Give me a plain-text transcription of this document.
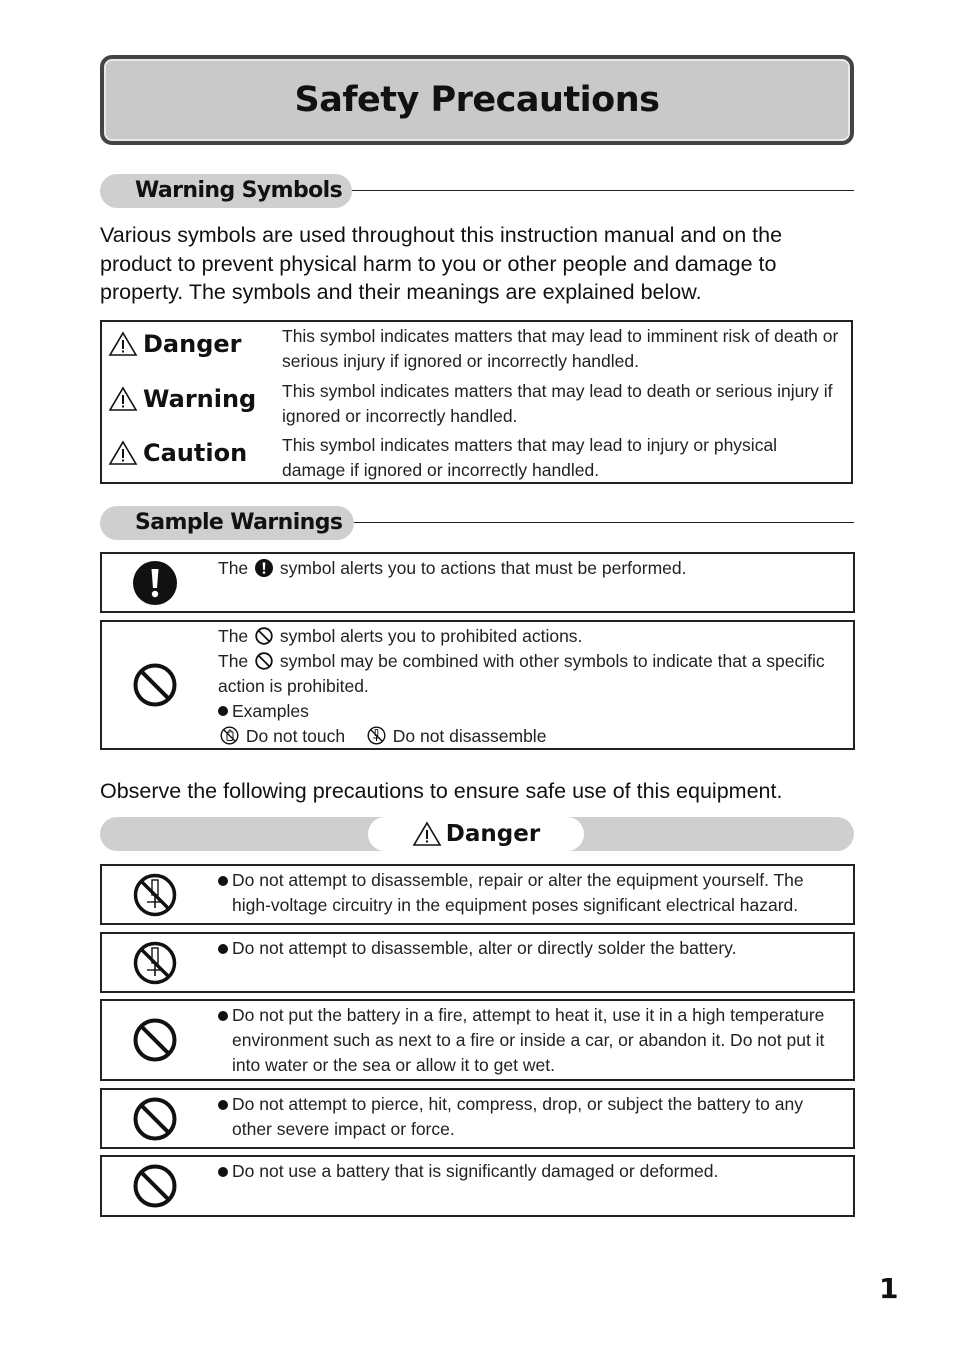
Safety Precautions
Warning Symbols

Various symbols are used throughout this instruction manual and on the product to prevent physical harm to you or other people and damage to property. The symbols and their meanings are explained below.

Danger This symbol indicates matters that may lead to imminent risk of death or serious injury if ignored or incorrectly handled.
Warning This symbol indicates matters that may lead to death or serious injury if ignored or incorrectly handled.
Caution This symbol indicates matters that may lead to injury or physical damage if ignored or incorrectly handled.
Sample Warnings
The symbol alerts you to actions that must be performed.
The symbol alerts you to prohibited actions.
The symbol may be combined with other symbols to indicate that a specific action is prohibited.
Examples
Do not touch	Do not disassemble

Observe the following precautions to ensure safe use of this equipment.

Danger
Do not attempt to disassemble, repair or alter the equipment yourself. The high-voltage circuitry in the equipment poses significant electrical hazard.
Do not attempt to disassemble, alter or directly solder the battery.
Do not put the battery in a fire, attempt to heat it, use it in a high temperature environment such as next to a fire or inside a car, or abandon it. Do not put it into water or the sea or allow it to get wet.
Do not attempt to pierce, hit, compress, drop, or subject the battery to any other severe impact or force.
Do not use a battery that is significantly damaged or deformed.
1
